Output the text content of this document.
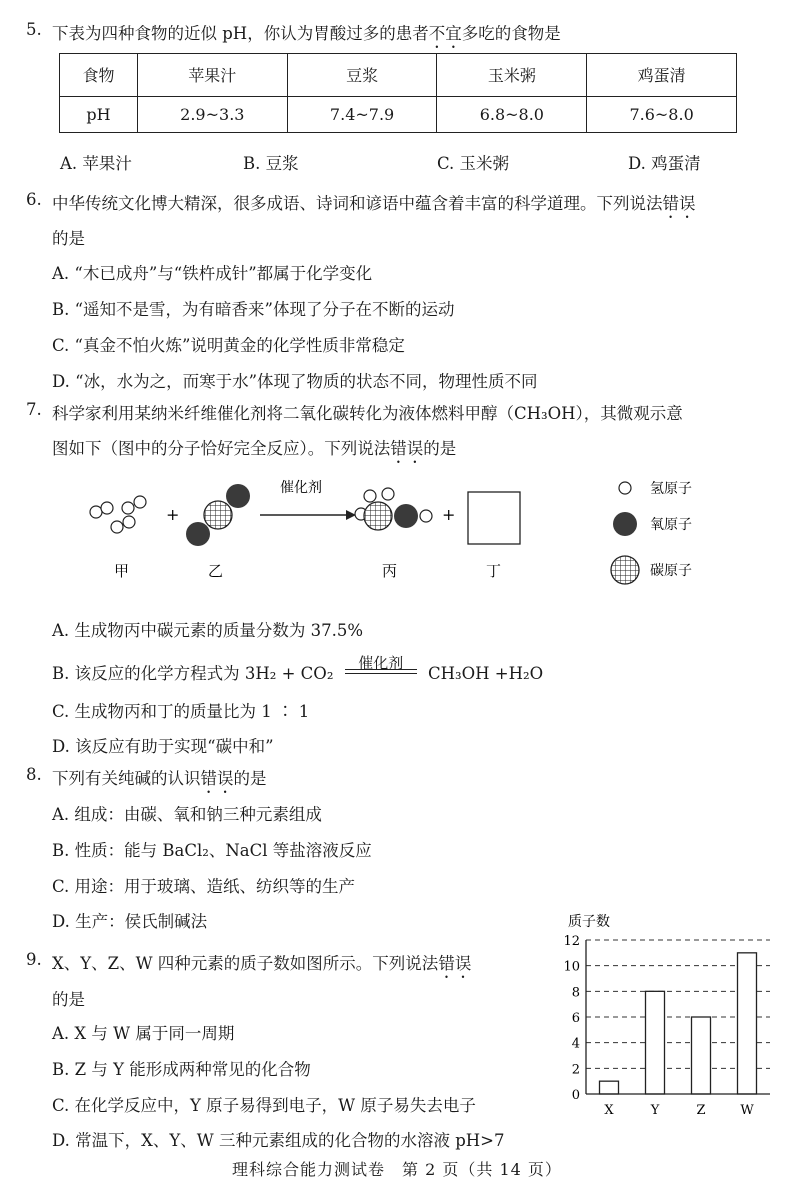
5. 下表为四种食物的近似 pH，你认为胃酸过多的患者不宜多吃的食物是
食物	苹果汁	豆浆	玉米粥	鸡蛋清
pH	2.9~3.3	7.4~7.9	6.8~8.0	7.6~8.0
A. 苹果汁	B. 豆浆	C. 玉米粥	D. 鸡蛋清
6. 中华传统文化博大精深，很多成语、诗词和谚语中蕴含着丰富的科学道理。下列说法错误
的是
A. “木已成舟”与“铁杵成针”都属于化学变化
B. “遥知不是雪，为有暗香来”体现了分子在不断的运动
C. “真金不怕火炼”说明黄金的化学性质非常稳定
D. “冰，水为之，而寒于水”体现了物质的状态不同，物理性质不同
7. 科学家利用某纳米纤维催化剂将二氧化碳转化为液体燃料甲醇（CH₃OH），其微观示意
图如下（图中的分子恰好完全反应）。下列说法错误的是
+
催化剂
+
甲	乙	丙	丁
氢原子
氧原子
碳原子
A. 生成物丙中碳元素的质量分数为 37.5%
B. 该反应的化学方程式为 3H₂ + CO₂
催化剂
CH₃OH +H₂O
C. 生成物丙和丁的质量比为 1 ∶ 1
D. 该反应有助于实现“碳中和”
8. 下列有关纯碱的认识错误的是
A. 组成：由碳、氧和钠三种元素组成
B. 性质：能与 BaCl₂、NaCl 等盐溶液反应
C. 用途：用于玻璃、造纸、纺织等的生产
D. 生产：侯氏制碱法
9. X、Y、Z、W 四种元素的质子数如图所示。下列说法错误
的是
A. X 与 W 属于同一周期
B. Z 与 Y 能形成两种常见的化合物
C. 在化学反应中，Y 原子易得到电子，W 原子易失去电子
D. 常温下，X、Y、W 三种元素组成的化合物的水溶液 pH>7
质子数
0
2
4
6
8
10
12
X	Y	Z	W
理科综合能力测试卷　第 2 页（共 14 页）
